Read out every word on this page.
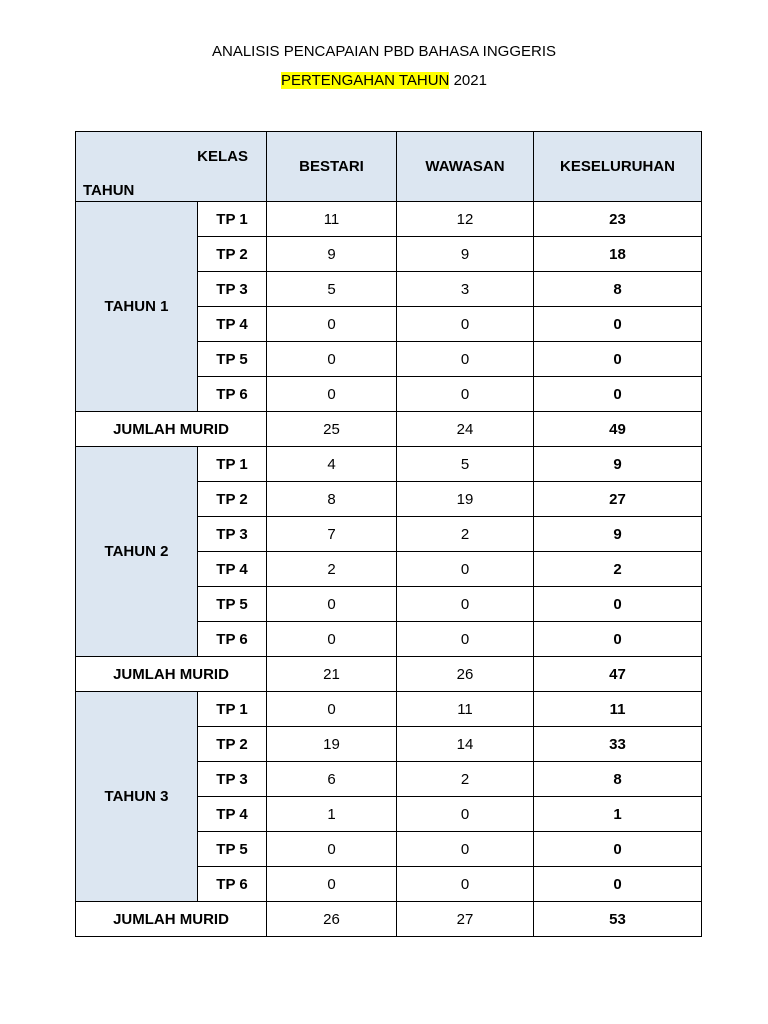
ANALISIS PENCAPAIAN PBD BAHASA INGGERIS
PERTENGAHAN TAHUN 2021
KELAS
TAHUN		BESTARI	WAWASAN	KESELURUHAN
TAHUN 1	TP 1	11	12	23
	TP 2	9	9	18
	TP 3	5	3	8
	TP 4	0	0	0
	TP 5	0	0	0
	TP 6	0	0	0
JUMLAH MURID		25	24	49
TAHUN 2	TP 1	4	5	9
	TP 2	8	19	27
	TP 3	7	2	9
	TP 4	2	0	2
	TP 5	0	0	0
	TP 6	0	0	0
JUMLAH MURID		21	26	47
TAHUN 3	TP 1	0	11	11
	TP 2	19	14	33
	TP 3	6	2	8
	TP 4	1	0	1
	TP 5	0	0	0
	TP 6	0	0	0
JUMLAH MURID		26	27	53
